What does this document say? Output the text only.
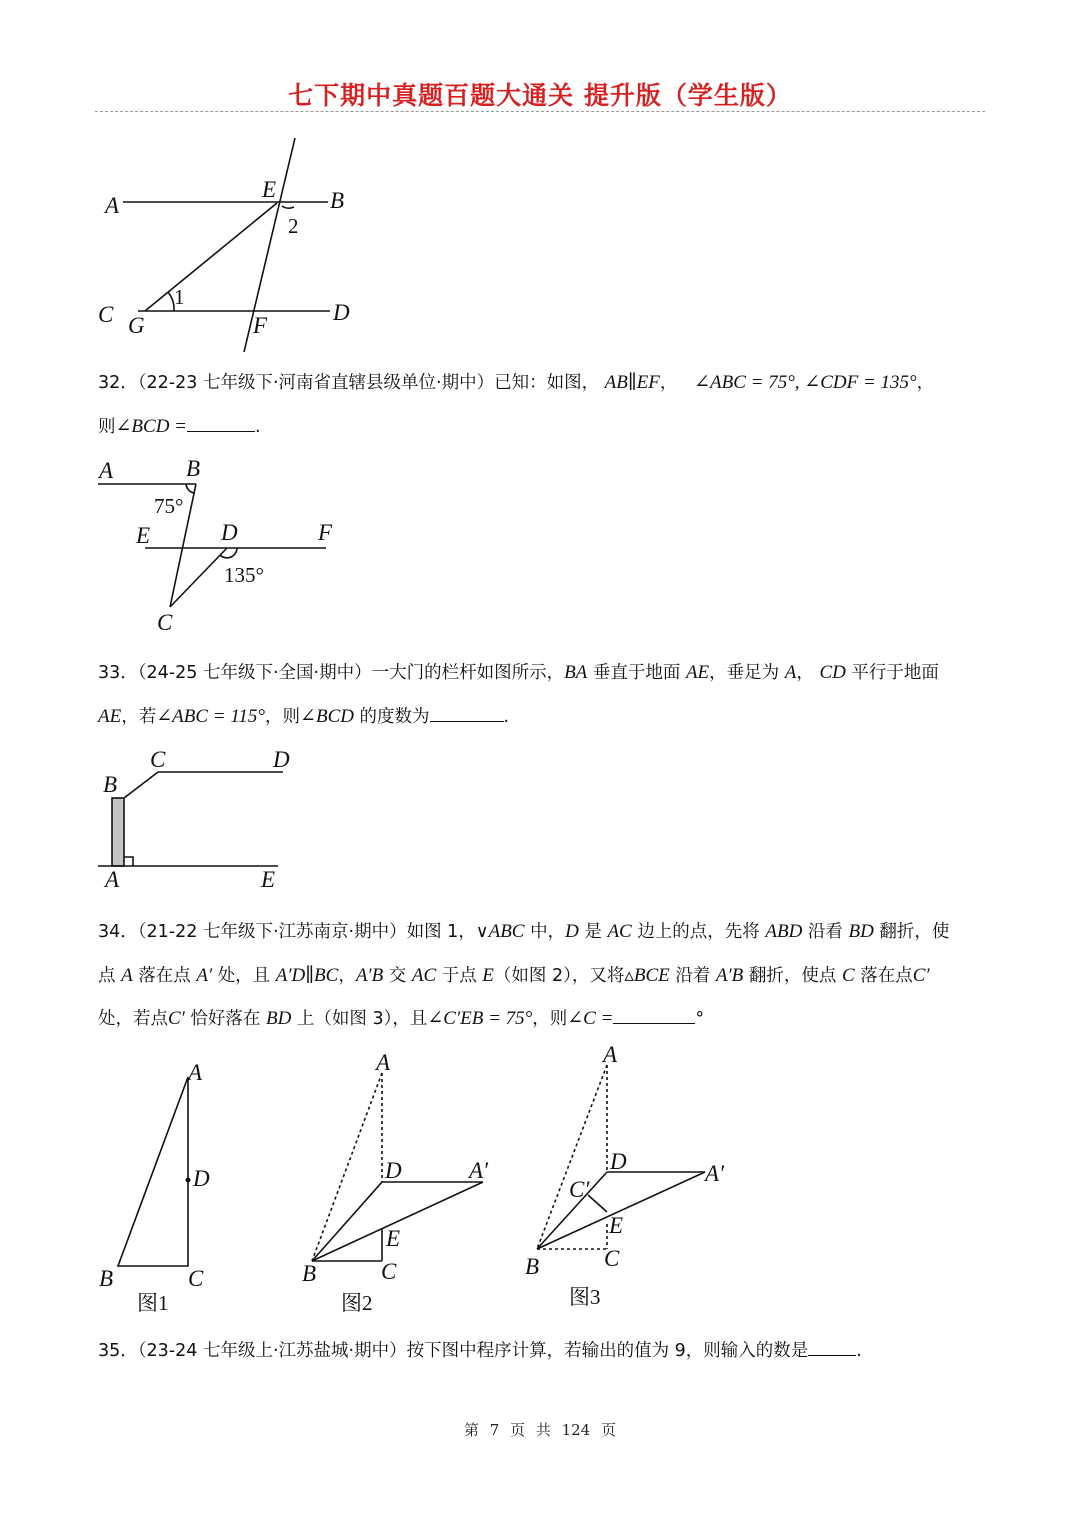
七下期中真题百题大通关 提升版（学生版）
A
E B
2
C
1
G	F
D
32．（22-23 七年级下·河南省直辖县级单位·期中）已知：如图， AB∥EF， ∠ABC = 75°, ∠CDF = 135°，
则∠BCD =	.
A	B
75°
E	D	F
135°
C
33．（24-25 七年级下·全国·期中）一大门的栏杆如图所示，BA 垂直于地面 AE，垂足为 A， CD 平行于地面
AE，若∠ABC = 115°，则∠BCD 的度数为	.
C	D
B
A	E
34．（21-22 七年级下·江苏南京·期中）如图 1，∨ABC 中，D 是 AC 边上的点，先将 ABD 沿看 BD 翻折，使
点 A 落在点 A′ 处，且 A′D∥BC，A′B 交 AC 于点 E（如图 2），又将▵BCE 沿着 A′B 翻折，使点 C 落在点C′
处，若点C′ 恰好落在 BD 上（如图 3），且∠C′EB = 75°，则∠C =	°
A
D
B	C
图1
A
D	A′
E
B	C
图2
A
D	A′
C′
E
B	C
图3
35．（23-24 七年级上·江苏盐城·期中）按下图中程序计算，若输出的值为 9，则输入的数是	.
第 7 页 共 124 页
